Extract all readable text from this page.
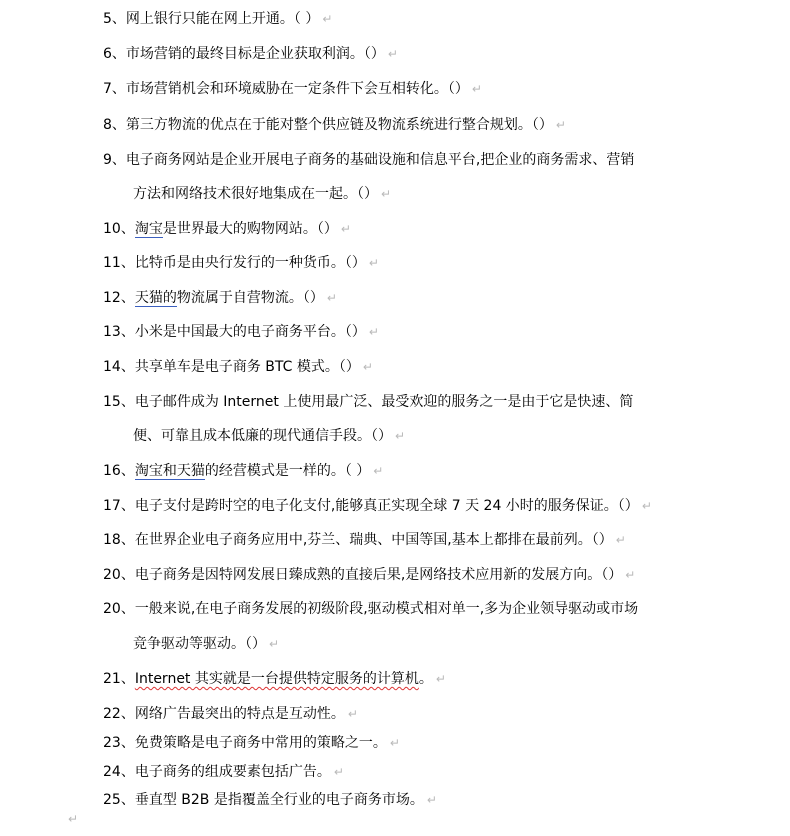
5、网上银行只能在网上开通。（ ） ↵
6、市场营销的最终目标是企业获取利润。（） ↵
7、市场营销机会和环境威胁在一定条件下会互相转化。（） ↵
8、第三方物流的优点在于能对整个供应链及物流系统进行整合规划。（） ↵
9、电子商务网站是企业开展电子商务的基础设施和信息平台,把企业的商务需求、营销
方法和网络技术很好地集成在一起。（） ↵
10、淘宝是世界最大的购物网站。（） ↵
11、比特币是由央行发行的一种货币。（） ↵
12、天猫的物流属于自营物流。（） ↵
13、小米是中国最大的电子商务平台。（） ↵
14、共享单车是电子商务 BTC 模式。（） ↵
15、电子邮件成为 Internet 上使用最广泛、最受欢迎的服务之一是由于它是快速、简
便、可靠且成本低廉的现代通信手段。（） ↵
16、淘宝和天猫的经营模式是一样的。（ ） ↵
17、电子支付是跨时空的电子化支付,能够真正实现全球 7 天 24 小时的服务保证。（） ↵
18、在世界企业电子商务应用中,芬兰、瑞典、中国等国,基本上都排在最前列。（） ↵
20、电子商务是因特网发展日臻成熟的直接后果,是网络技术应用新的发展方向。（） ↵
20、一般来说,在电子商务发展的初级阶段,驱动模式相对单一,多为企业领导驱动或市场
竞争驱动等驱动。（） ↵
21、Internet 其实就是一台提供特定服务的计算机。 ↵
22、网络广告最突出的特点是互动性。 ↵
23、免费策略是电子商务中常用的策略之一。 ↵
24、电子商务的组成要素包括广告。 ↵
25、垂直型 B2B 是指覆盖全行业的电子商务市场。 ↵
↵
